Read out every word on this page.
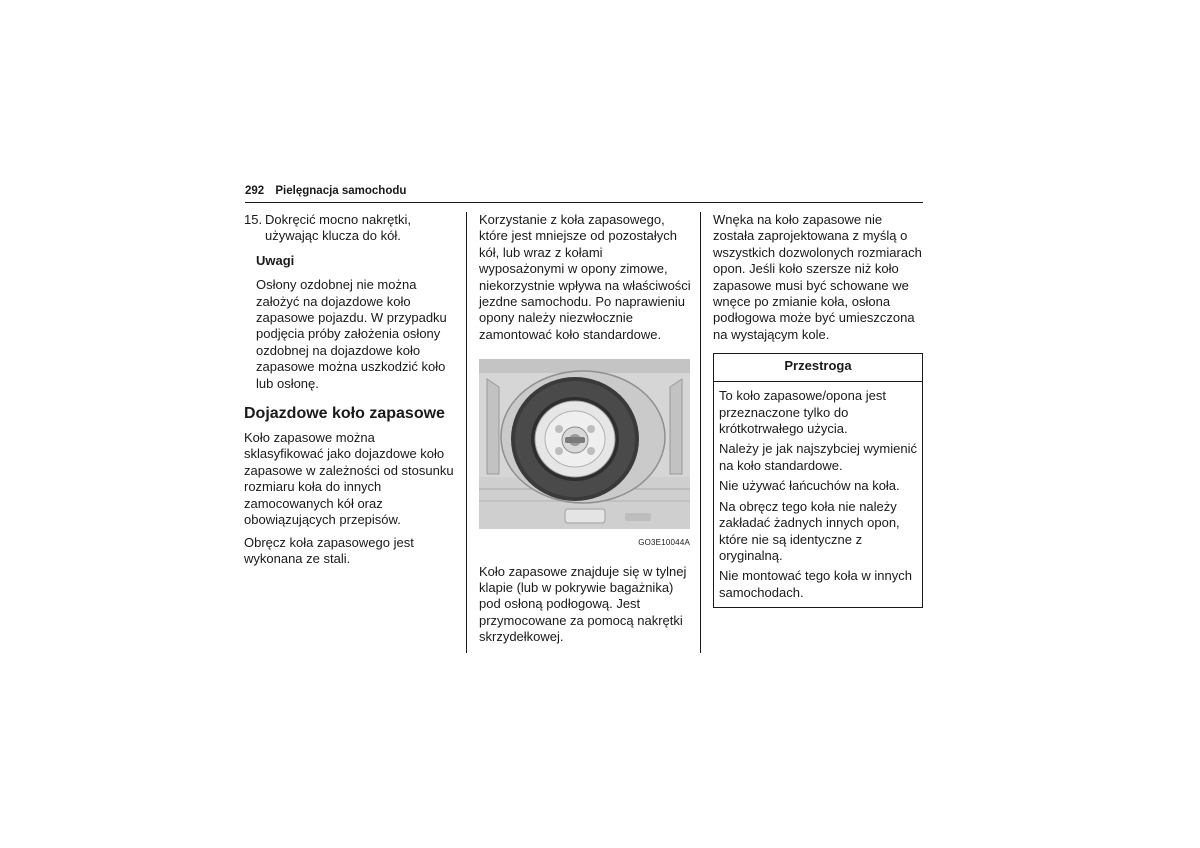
292 Pielęgnacja samochodu
15. Dokręcić mocno nakrętki, używając klucza do kół.
Uwagi
Osłony ozdobnej nie można założyć na dojazdowe koło zapasowe pojazdu. W przypadku podjęcia próby założenia osłony ozdobnej na dojazdowe koło zapasowe można uszkodzić koło lub osłonę.
Dojazdowe koło zapasowe

Koło zapasowe można sklasyfikować jako dojazdowe koło zapasowe w zależności od stosunku rozmiaru koła do innych zamocowanych kół oraz obowiązujących przepisów.

Obręcz koła zapasowego jest wykonana ze stali.

Korzystanie z koła zapasowego, które jest mniejsze od pozostałych kół, lub wraz z kołami wyposażonymi w opony zimowe, niekorzystnie wpływa na właściwości jezdne samochodu. Po naprawieniu opony należy niezwłocznie zamontować koło standardowe.

GO3E10044A

Koło zapasowe znajduje się w tylnej klapie (lub w pokrywie bagażnika) pod osłoną podłogową. Jest przymocowane za pomocą nakrętki skrzydełkowej.

Wnęka na koło zapasowe nie została zaprojektowana z myślą o wszystkich dozwolonych rozmiarach opon. Jeśli koło szersze niż koło zapasowe musi być schowane we wnęce po zmianie koła, osłona podłogowa może być umieszczona na wystającym kole.

Przestroga

To koło zapasowe/opona jest przeznaczone tylko do krótkotrwałego użycia.

Należy je jak najszybciej wymienić na koło standardowe.

Nie używać łańcuchów na koła.

Na obręcz tego koła nie należy zakładać żadnych innych opon, które nie są identyczne z oryginalną.

Nie montować tego koła w innych samochodach.
